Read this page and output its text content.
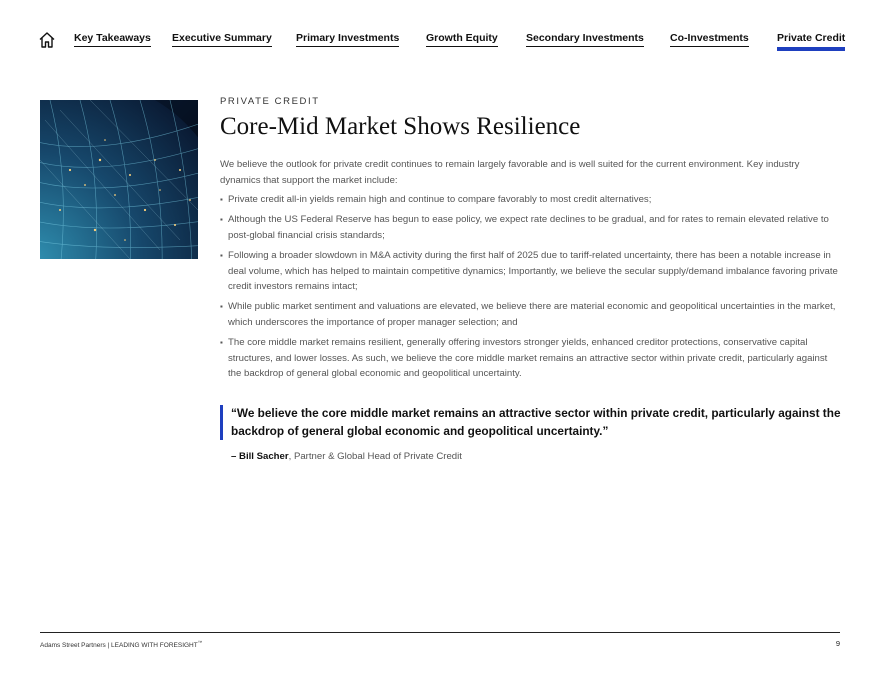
Key Takeaways Executive Summary Primary Investments	Growth Equity	Secondary Investments Co-Investments	Private Credit
PRIVATE CREDIT
Core-Mid Market Shows Resilience

We believe the outlook for private credit continues to remain largely favorable and is well suited for the current environment. Key industry dynamics that support the market include:

▪ Private credit all-in yields remain high and continue to compare favorably to most credit alternatives;
▪ Although the US Federal Reserve has begun to ease policy, we expect rate declines to be gradual, and for rates to remain elevated relative to post-global financial crisis standards;
▪ Following a broader slowdown in M&A activity during the first half of 2025 due to tariff-related uncertainty, there has been a notable increase in deal volume, which has helped to maintain competitive dynamics; Importantly, we believe the secular supply/demand imbalance favoring private credit investors remains intact;
▪ While public market sentiment and valuations are elevated, we believe there are material economic and geopolitical uncertainties in the market, which underscores the importance of proper manager selection; and
▪ The core middle market remains resilient, generally offering investors stronger yields, enhanced creditor protections, conservative capital structures, and lower losses. As such, we believe the core middle market remains an attractive sector within private credit, particularly against the backdrop of general global economic and geopolitical uncertainty.

“We believe the core middle market remains an attractive sector within private credit, particularly against the backdrop of general global economic and geopolitical uncertainty.”

– Bill Sacher, Partner & Global Head of Private Credit
Adams Street Partners | LEADING WITH FORESIGHT™	9
